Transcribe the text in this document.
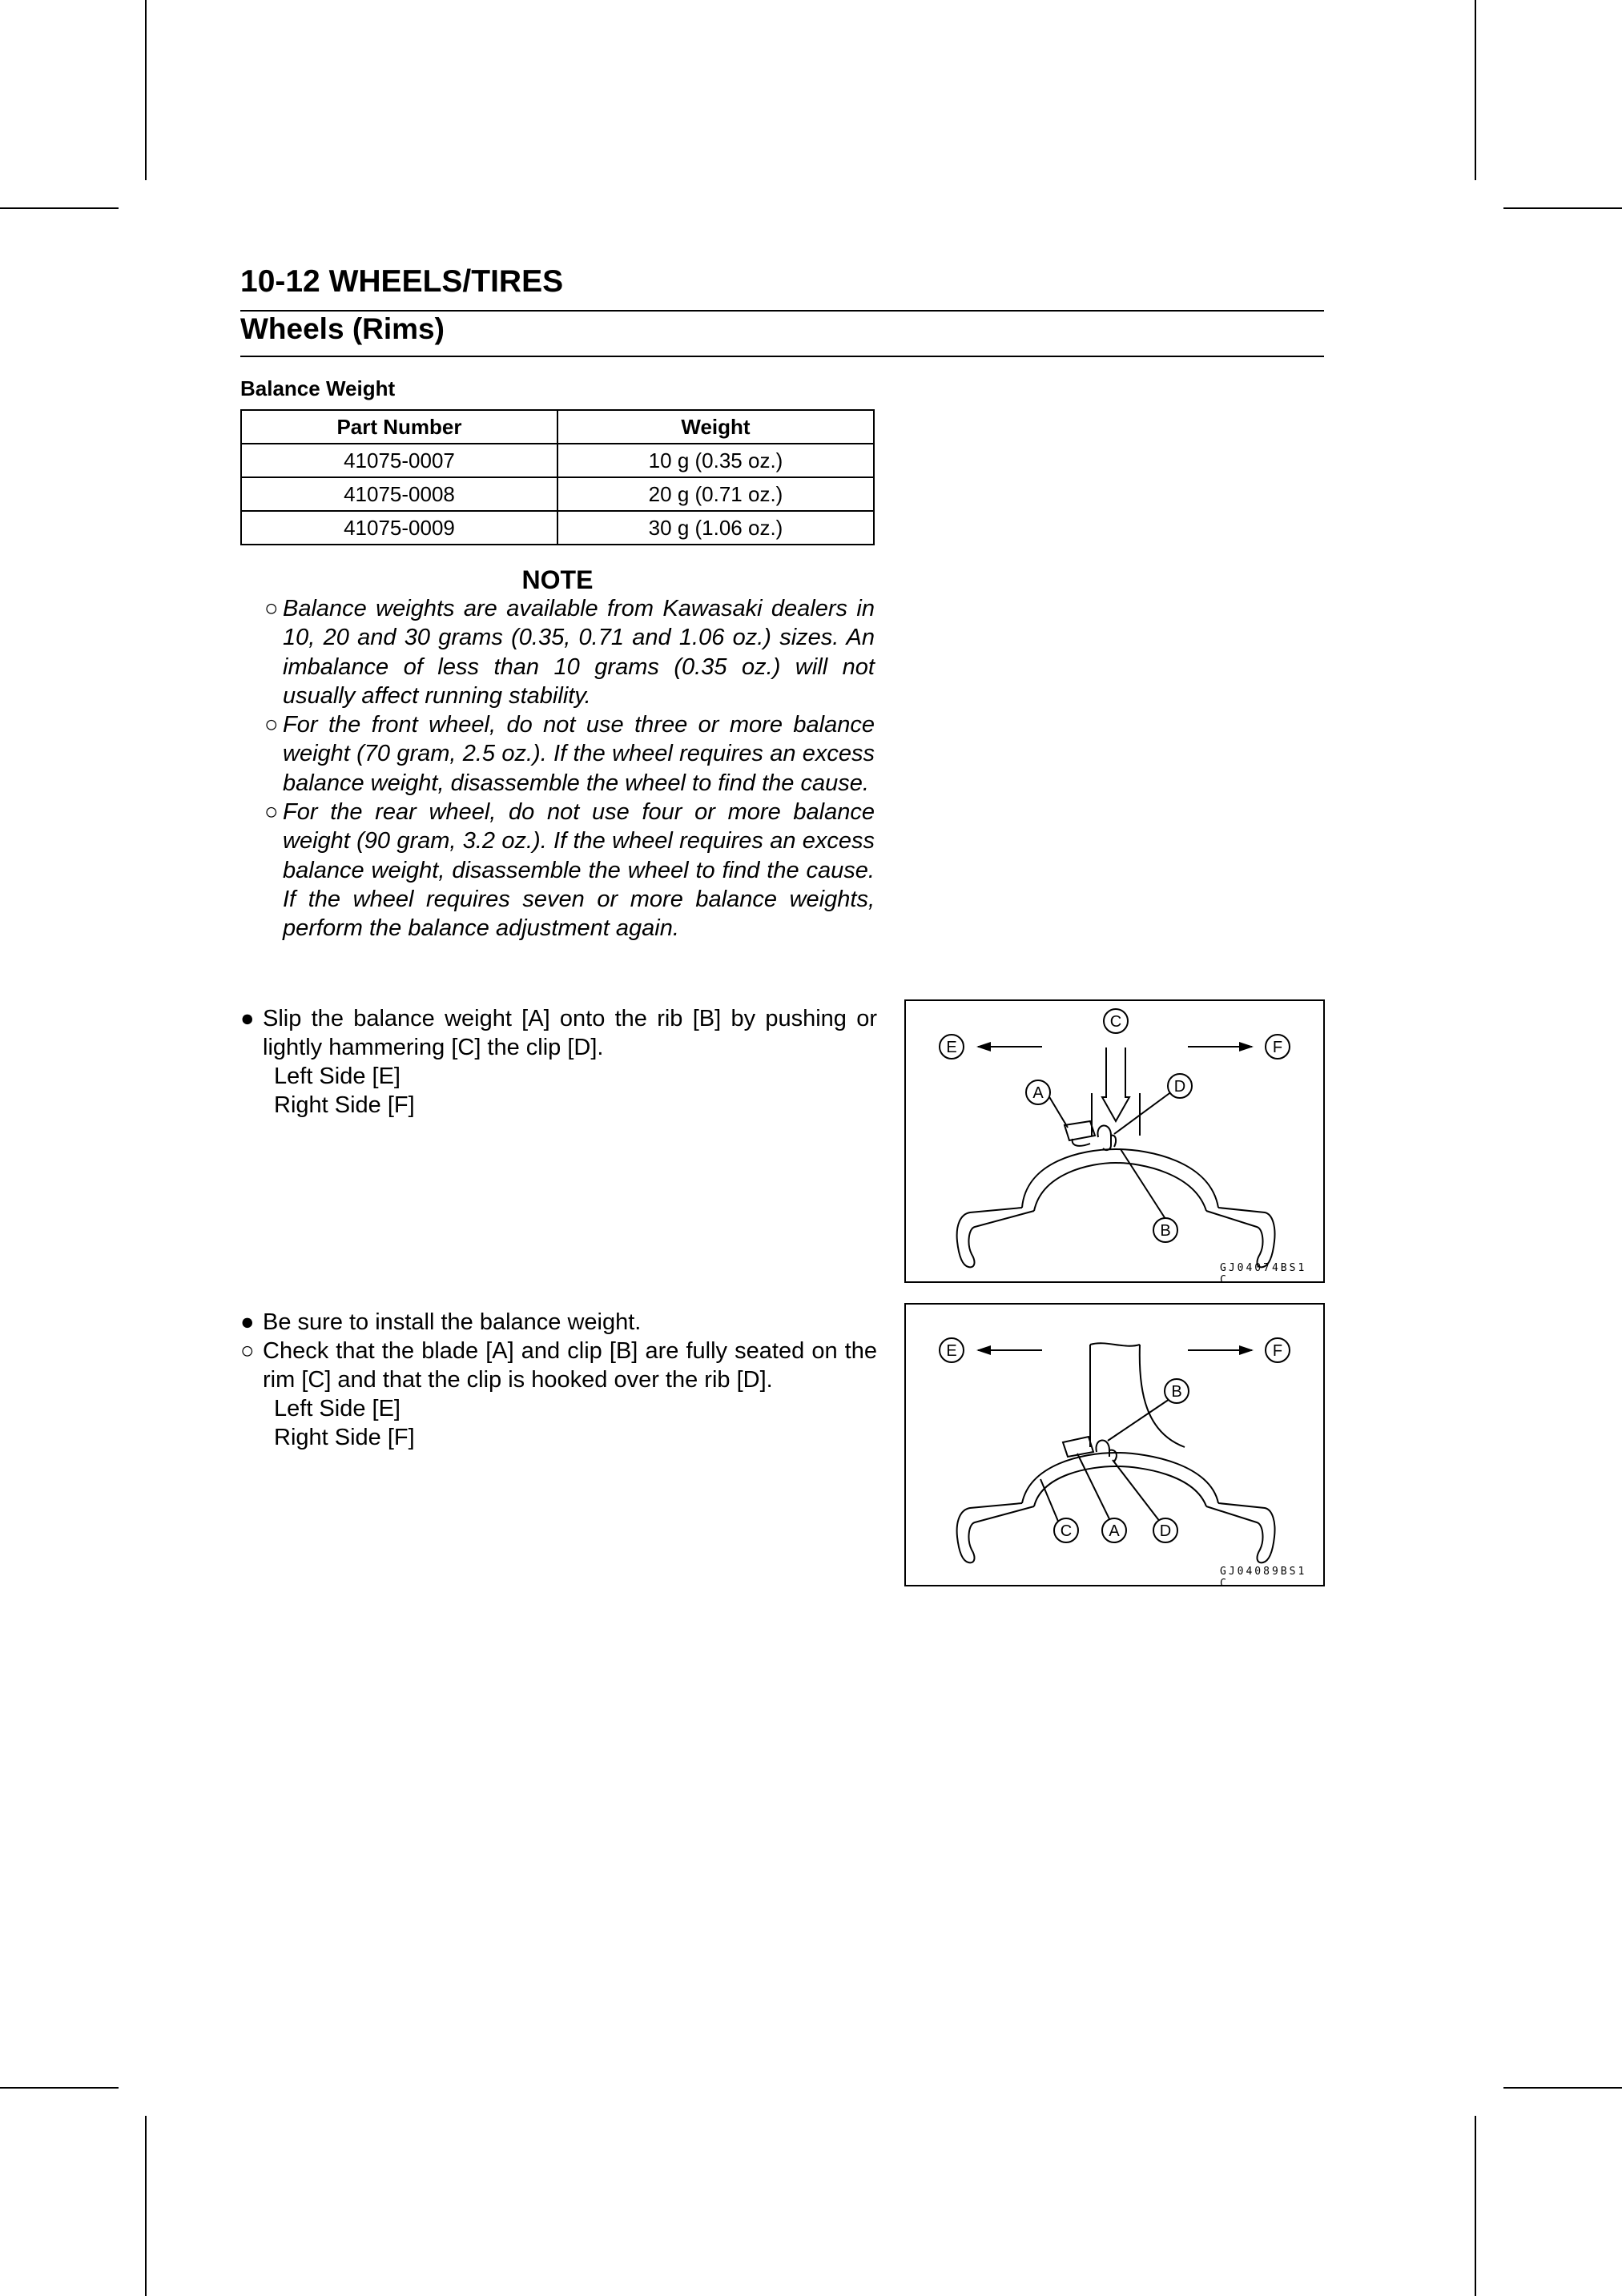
10-12 WHEELS/TIRES
Wheels (Rims)
Balance Weight
Part Number	Weight
41075-0007	10 g (0.35 oz.)
41075-0008	20 g (0.71 oz.)
41075-0009	30 g (1.06 oz.)
NOTE
○ Balance weights are available from Kawasaki dealers in 10, 20 and 30 grams (0.35, 0.71 and 1.06 oz.) sizes. An imbalance of less than 10 grams (0.35 oz.) will not usually affect running stability.
○ For the front wheel, do not use three or more balance weight (70 gram, 2.5 oz.). If the wheel requires an excess balance weight, disassemble the wheel to find the cause.
○ For the rear wheel, do not use four or more balance weight (90 gram, 3.2 oz.). If the wheel requires an excess balance weight, disassemble the wheel to find the cause. If the wheel requires seven or more balance weights, perform the balance adjustment again.
● Slip the balance weight [A] onto the rib [B] by pushing or lightly hammering [C] the clip [D].
Left Side [E]
Right Side [F]
C
E	F
A	D
B
GJ04074BS1 C
● Be sure to install the balance weight.
○ Check that the blade [A] and clip [B] are fully seated on the rim [C] and that the clip is hooked over the rib [D].
Left Side [E]
Right Side [F]
E	F
B
C A	D
GJ04089BS1 C
